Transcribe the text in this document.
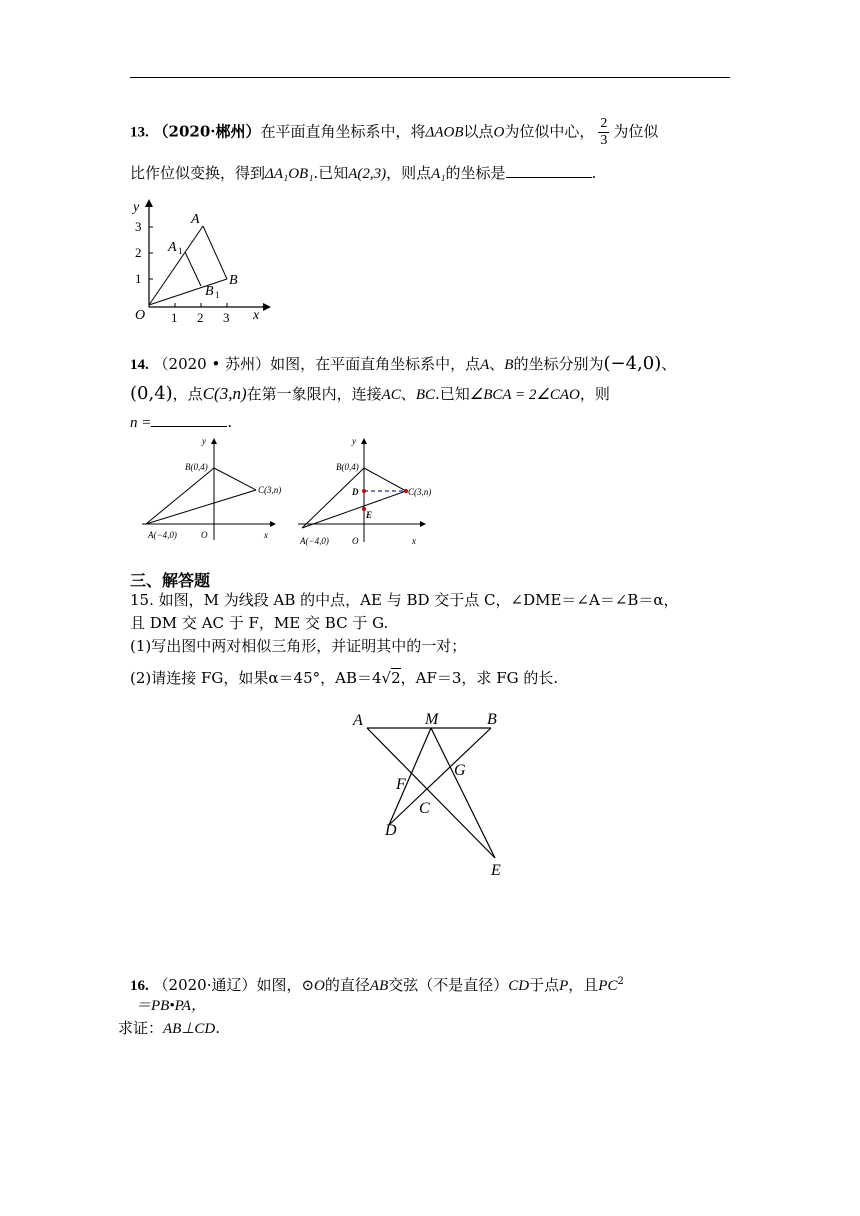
13. （2020·郴州）在平面直角坐标系中，将ΔAOB以点O为位似中心， $\frac{2}{3}$ 为位似
比作位似变换，得到ΔA₁OB₁.已知A(2,3)，则点A₁的坐标是	.
y
x
O 1 2 3
1
2
3	A
A 1
B
B 1
14. （2020 • 苏州）如图，在平面直角坐标系中，点A、B的坐标分别为(−4,0)、
(0,4)，点C(3,n)在第一象限内，连接AC、BC.已知∠BCA = 2∠CAO，则
n =	.
y
B(0,4)
C(3,n)
A(−4,0)	O	x
y
B(0,4)
D	C(3,n)
E
A(−4,0)	O	x
三、解答题
15. 如图，M 为线段 AB 的中点，AE 与 BD 交于点 C，∠DME＝∠A＝∠B＝α，
且 DM 交 AC 于 F，ME 交 BC 于 G.
(1)写出图中两对相似三角形，并证明其中的一对；
(2)请连接 FG，如果α＝45°，AB＝4√2，AF＝3，求 FG 的长.
A	M	B
F
G
C
D
E
16. （2020·通辽）如图，⊙O的直径AB交弦（不是直径）CD于点P，且$PC^2$
＝PB•PA，
求证：AB⊥CD.
